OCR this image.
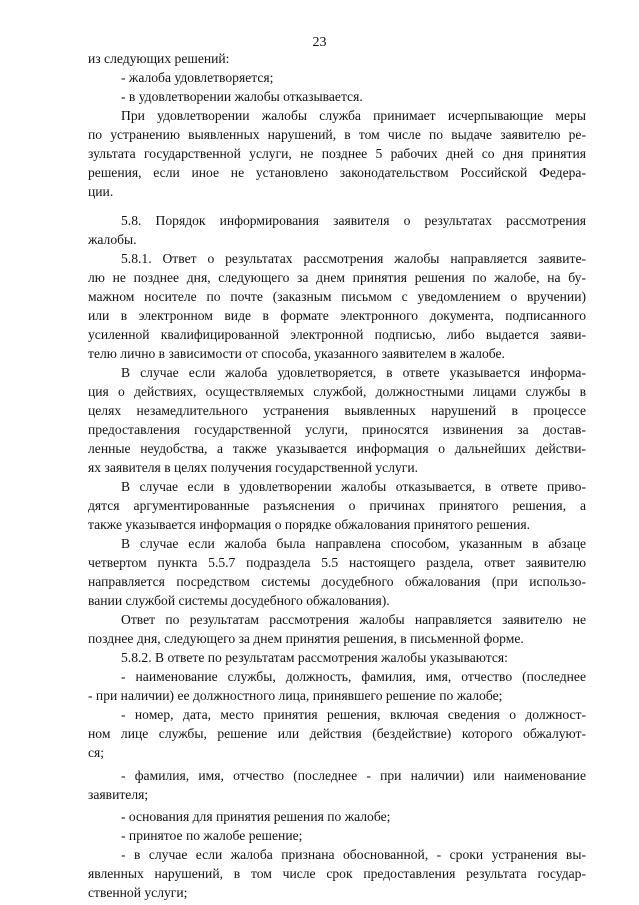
23

из следующих решений:

- жалоба удовлетворяется;

- в удовлетворении жалобы отказывается.

При удовлетворении жалобы служба принимает исчерпывающие меры

по устранению выявленных нарушений, в том числе по выдаче заявителю ре-

зультата государственной услуги, не позднее 5 рабочих дней со дня принятия

решения, если иное не установлено законодательством Российской Федера-

ции.

5.8. Порядок информирования заявителя о результатах рассмотрения

жалобы.

5.8.1. Ответ о результатах рассмотрения жалобы направляется заявите-

лю не позднее дня, следующего за днем принятия решения по жалобе, на бу-

мажном носителе по почте (заказным письмом с уведомлением о вручении)

или в электронном виде в формате электронного документа, подписанного

усиленной квалифицированной электронной подписью, либо выдается заяви-

телю лично в зависимости от способа, указанного заявителем в жалобе.

В случае если жалоба удовлетворяется, в ответе указывается информа-

ция о действиях, осуществляемых службой, должностными лицами службы в

целях незамедлительного устранения выявленных нарушений в процессе

предоставления государственной услуги, приносятся извинения за достав-

ленные неудобства, а также указывается информация о дальнейших действи-

ях заявителя в целях получения государственной услуги.

В случае если в удовлетворении жалобы отказывается, в ответе приво-

дятся аргументированные разъяснения о причинах принятого решения, а

также указывается информация о порядке обжалования принятого решения.

В случае если жалоба была направлена способом, указанным в абзаце

четвертом пункта 5.5.7 подраздела 5.5 настоящего раздела, ответ заявителю

направляется посредством системы досудебного обжалования (при использо-

вании службой системы досудебного обжалования).

Ответ по результатам рассмотрения жалобы направляется заявителю не

позднее дня, следующего за днем принятия решения, в письменной форме.

5.8.2. В ответе по результатам рассмотрения жалобы указываются:

- наименование службы, должность, фамилия, имя, отчество (последнее

- при наличии) ее должностного лица, принявшего решение по жалобе;

- номер, дата, место принятия решения, включая сведения о должност-

ном лице службы, решение или действия (бездействие) которого обжалуют-

ся;

- фамилия, имя, отчество (последнее - при наличии) или наименование

заявителя;

- основания для принятия решения по жалобе;

- принятое по жалобе решение;

- в случае если жалоба признана обоснованной, - сроки устранения вы-

явленных нарушений, в том числе срок предоставления результата государ-

ственной услуги;
